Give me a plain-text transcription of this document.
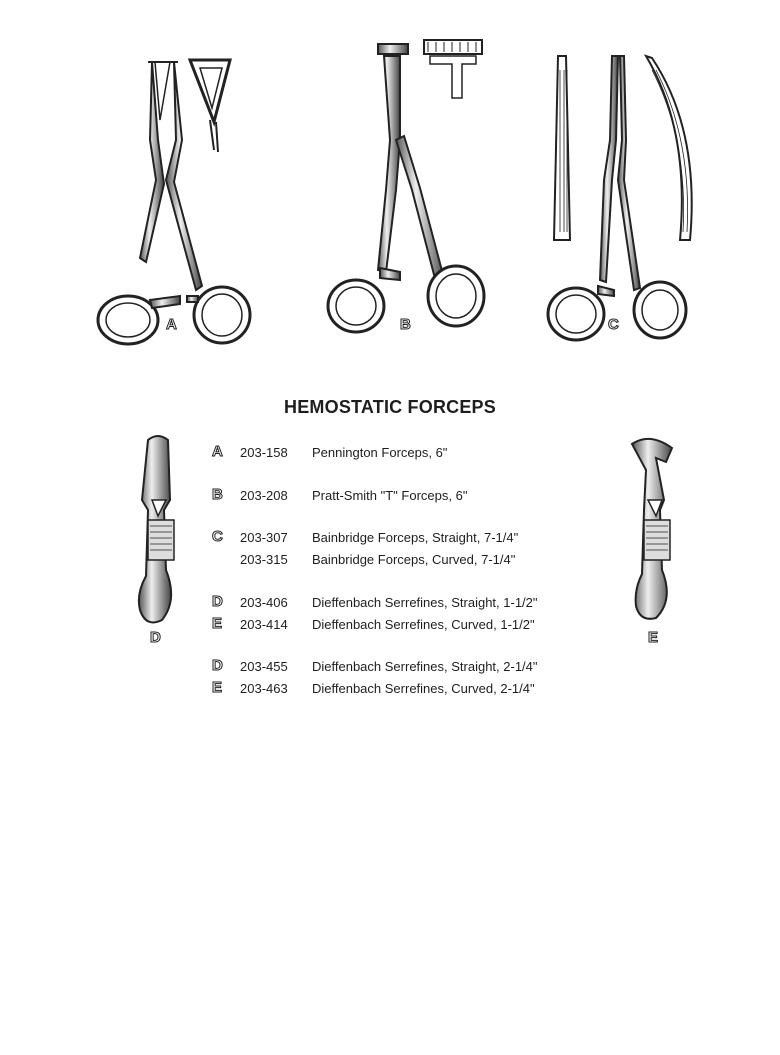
A	B	C
D	E
HEMOSTATIC FORCEPS
A 203-158 Pennington Forceps, 6"
B 203-208 Pratt-Smith "T" Forceps, 6"
C 203-307 Bainbridge Forceps, Straight, 7-1/4"
203-315 Bainbridge Forceps, Curved, 7-1/4"
D 203-406 Dieffenbach Serrefines, Straight, 1-1/2"
E 203-414 Dieffenbach Serrefines, Curved, 1-1/2"
D 203-455 Dieffenbach Serrefines, Straight, 2-1/4"
E 203-463 Dieffenbach Serrefines, Curved, 2-1/4"
